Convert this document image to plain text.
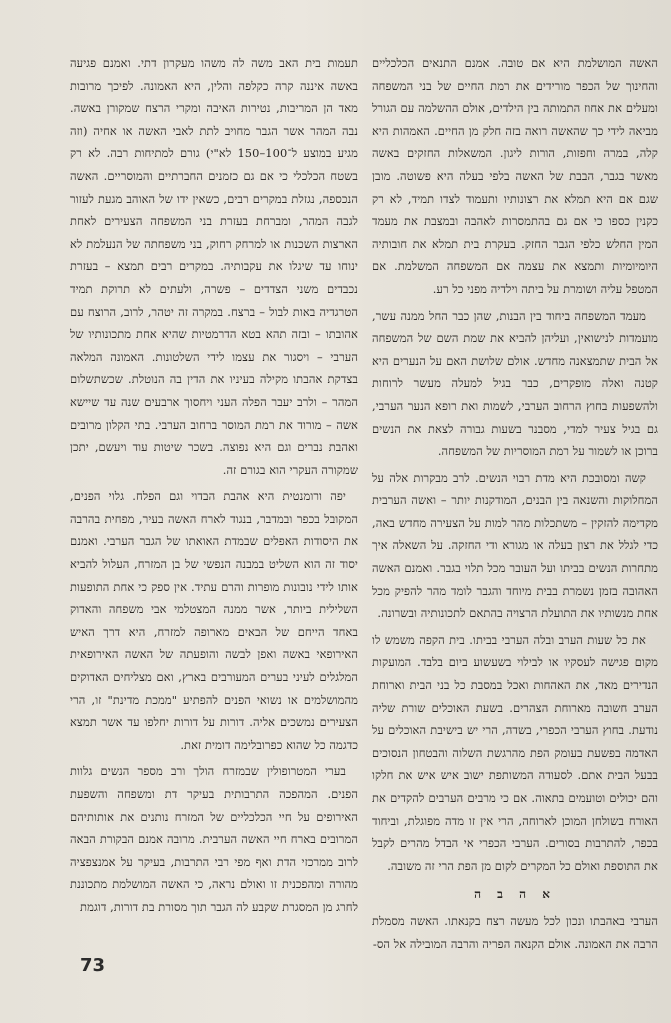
האשה המושלמת היא אם טובה. אמנם התנאים הכלכליים והחינוך של הכפר מורידים את רמת החיים של בני המשפחה ומעלים את אחוז התמותה בין הילדים, אולם ההשלמה עם הגורל מביאה לידי כך שהאשה רואה בזה חלק מן החיים. האמהות היא קלה, במרה וחפזות, הורות ליגון. המשאלות החזקים באשה מאשר בגבר, הבבת של האשה בלפי בעלה היא פשוטה. מובן שגם אם היא תמלא את רצונותיו ותעמוד לצדו תמיד, לא רק כקנין כספו כי אם גם בהתמסרות לאהבה ובמצבת את מעמד המין החלש כלפי הגבר החזק. בעקרת בית תמלא את חובותיה היומיומיות ותמצא את עצמה אם המשפחה המשלמת. אם המטפל עליה ושומרת על ביתה וילדיה מפני כל רע.

מעמד המשפחה ביחוד בין הבנות, שהן כבר החל ממנה עשר, מועמדות לנישואין, ועליהן להביא את שמת השם של המשפחה אל הבית שתמצאנה מחדש. אולם שלושת האם על הנערים היא קטנה ואלה מופקרים, כבר בגיל למעלה מעשר לרוחות ולהשפעות בחוץ הרחוב הערבי, לשמות ואת רופא הנער הערבי, גם בגיל צעיר למדי, מסבנר בשעות גבורה לצאת את הנשים ברוכן או לשמור על רמת המוסריות של המשפחה.

קשה ומסובכת היא מדת רבוי הנשים. לרב מבקרות אלה על המחלוקות והשנאה בין הבנים, המודקנות יותר – ואשה הערבית מקדימה להזקין – משתכלות מהר למות על הצעירה מחדש באה, כדי לגלל את רצון בעלה או מגורא ודי החזקה. על השאלה איך מתחרות הנשים בביתו ועל העובר מכל תלוי בגבר. ואמנם האשה האהובה בזמן נשמרת בבית מיוחד והגבר לומד מהר להפיק מכל אחת מנשותיו את התועלת הרצויה בהתאם לתכונותיה ובשרונה.

את כל שעות הערב ובלה הערבי בביתו. בית הקפה משמש לו מקום פגישה לעסקיו או לבילוי בשעשוע ביום בלבד. המועקות הנדירים מאד, את האהחות ואכל במסבת כל בני הבית וארוחת הערב חשובה מארוחת הצהרים. בשעת האוכלים שורת שליה נודעת. בחוץ הערבי הכפרי, בשדה, הרי יש בישיבת האוכלים על האדמה בפשעת בעומק הפת מהרגשת השלוה והבטחון הנסוכים בבעל הבית אתם. לסעודה המשותפת ישוב איש איש את חלקו והם יכולים וטועמים בתאוה. אם כי מרבים הערבים להקדים את האורח בשולחן המוכן לארוחה, הרי אין זו מדה מפוגלת, וביחוד בכפר, להתרבות בסורים. הערבי הכפרי אי הבדל מהרים לקבל את התוספת ואולם כל המקרים לקום מן הפת הרי זה משובה.

א ה ב ה

הערבי באהבתו ונכון לכל מעשה רצח בקנאתו. האשה מסמלת הרבה את האמונה. אולם הקנאה הפריה והרבה המובילה אל הס-

תעמות בית האב משה לה משהו מעקרון דתי. ואמנם פגיעה באשה איננה קרה כקלפה והלין, היא האמונה. לפיכך מרובות מאד הן המריבות, נטירות האיבה ומקרי הרצח שמקורן באשה. נבה המהר אשר הגבר מחויב לתת לאבי האשה או אחיה (וזה מגיע במוצע ל־100–150 לא"י) גורם למתיחות רבה. לא רק בשטח הכלכלי כי אם גם כזמנים החברתיים והמוסריים. האשה הנכספה, נגזלת במקרים רבים, כשאין ידו של האוהב מגעת לעזור לגבה המהר, ומברחת בעזרת בני המשפחה הצעירים לאחת הארצות השכנות או למרחק רחוק, בני משפחתה של הנעלמת לא ינוחו עד שיגלו את עקבותיה. במקרים רבים תמצא – בעזרת נכבדים משני הצדדים – פשרה, ולעתים לא תרוקת תמיד הטרגדיה באות לבול – ברצח. במקרה זה יטהר, לרוב, הרוצח עם אהובתו – ובזה תהא בטא הדרמטיות שהיא אחת מתכונותיו של הערבי – ויסגור את עצמו לידי השלטונות. האמונה המלאה בצדקת אהבתו מקילה בעיניו את הדין בה הנוטלת. שכשתשלום המהר – ולרב יעבר הפלה העני ויחסוך ארבעים שנה עד שיישא אשה – מורוד את רמת המוסר ברחוב הערבי. בתי הקלון מרובים ואהבת נברים וגם היא נפוצה. בשכר שיטות עוד ויעשם, יתכן שמקורה העקרי הוא בגורם זה.

יפה ורומנטית היא אהבת הבדוי וגם הפלח. גלוי הפנים, המקובל בכפר ובמדבר, בנגוד לארח האשה בעיר, מפחית בהרבה את היסודות האפלים שבמדת האואתו של הגבר הערבי. ואמנם יסוד זה הוא השליט במבנה הנפשי של בן המזרח, העלול להביא אותו לידי נובונות מופרות והרם עתיד. אין ספק כי אחת התופעות השלילית ביותר, אשר ממנה המצטלמי אבי משפחה והאדוק באחד הייחם של הבאים מארופה למזרח, היא דרך האיש האירופאי באשה ואפן לבשה והופעתה של האשה האירופאית המלגלים לעיני בערים המעורבים בארץ, ואם מצליחים האדוקים מהמושלמים או נשואי הפנים להפתיע "ממכת מדינת" זו, הרי הצעירים נמשכים אליה. דורות על דורות יחלפו עד אשר תמצא כדגמה כל שהוא כפרובלימה דומית זאת.

בערי המטרופולין שבמזרח הולך ורב מספר הנשים גלוות הפנים. המהפכה התרבותית בעיקר דת ומשפחה והשפעת האירופים על חיי הכלכליים של המזרח נותנים את אותותיהם המרובים בארח חיי האשה הערבית. מרובה אמנם הבקורת הבאה לרוב ממרכזי הדת ואף מפי רבי התרבות, בעיקר על אמנצפציה מהורה ומהפכנית זו ואולם נראה, כי האשה המושלמת מתכוננת לחרג מן המסגרת שקבע לה הגבר תוך מסורת בת דורות, דוגמת

73
